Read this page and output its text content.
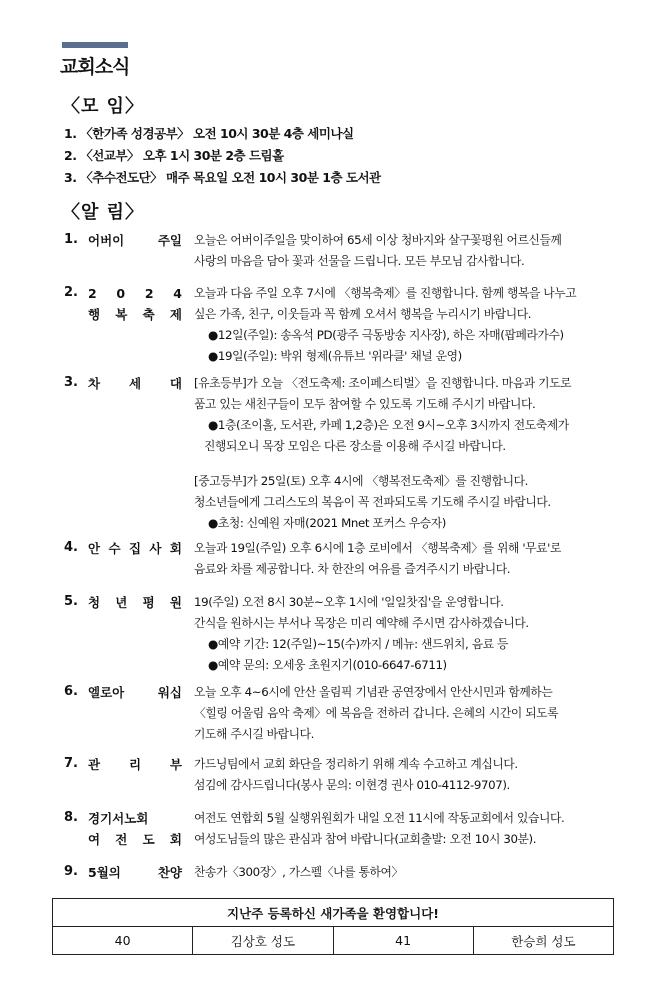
교회소식
〈모 임〉
1. 〈한가족 성경공부〉 오전 10시 30분 4층 세미나실
2. 〈선교부〉 오후 1시 30분 2층 드림홀
3. 〈추수전도단〉 매주 목요일 오전 10시 30분 1층 도서관
〈알 림〉
1. 어버이 주일 오늘은 어버이주일을 맞이하여 65세 이상 청바지와 살구꽃평원 어르신들께
사랑의 마음을 담아 꽃과 선물을 드립니다. 모든 부모님 감사합니다.
2. 2 0 2 4
행 복 축 제
오늘과 다음 주일 오후 7시에 〈행복축제〉를 진행합니다. 함께 행복을 나누고
싶은 가족, 친구, 이웃들과 꼭 함께 오셔서 행복을 누리시기 바랍니다.
●12일(주일): 송옥석 PD(광주 극동방송 지사장), 하은 자매(팝페라가수)
●19일(주일): 박위 형제(유튜브 '위라클' 채널 운영)
3. 차 세 대 [유초등부]가 오늘 〈전도축제: 조이페스티벌〉을 진행합니다. 마음과 기도로
품고 있는 새친구들이 모두 참여할 수 있도록 기도해 주시기 바랍니다.
●1층(조이홀, 도서관, 카페 1,2층)은 오전 9시~오후 3시까지 전도축제가
진행되오니 목장 모임은 다른 장소를 이용해 주시길 바랍니다.
[중고등부]가 25일(토) 오후 4시에 〈행복전도축제〉를 진행합니다.
청소년들에게 그리스도의 복음이 꼭 전파되도록 기도해 주시길 바랍니다.
●초청: 신예원 자매(2021 Mnet 포커스 우승자)
4. 안 수 집 사 회 오늘과 19일(주일) 오후 6시에 1층 로비에서 〈행복축제〉를 위해 '무료'로
음료와 차를 제공합니다. 차 한잔의 여유를 즐겨주시기 바랍니다.
5. 청 년 평 원 19(주일) 오전 8시 30분~오후 1시에 '일일찻집'을 운영합니다.
간식을 원하시는 부서나 목장은 미리 예약해 주시면 감사하겠습니다.
●예약 기간: 12(주일)~15(수)까지 / 메뉴: 샌드위치, 음료 등
●예약 문의: 오세웅 초원지기(010-6647-6711)
6. 엘로아 워십 오늘 오후 4~6시에 안산 올림픽 기념관 공연장에서 안산시민과 함께하는
〈힐링 어울림 음악 축제〉에 복음을 전하러 갑니다. 은혜의 시간이 되도록
기도해 주시길 바랍니다.
7. 관 리 부 가드닝팀에서 교회 화단을 정리하기 위해 계속 수고하고 계십니다.
섬김에 감사드립니다(봉사 문의: 이현경 권사 010-4112-9707).
8. 경기서노회
여 전 도 회
여전도 연합회 5월 실행위원회가 내일 오전 11시에 작동교회에서 있습니다.
여성도님들의 많은 관심과 참여 바랍니다(교회출발: 오전 10시 30분).
9. 5월의 찬양 찬송가〈300장〉, 가스펠〈나를 통하여〉
지난주 등록하신 새가족을 환영합니다!
40	김상호 성도	41	한승희 성도
